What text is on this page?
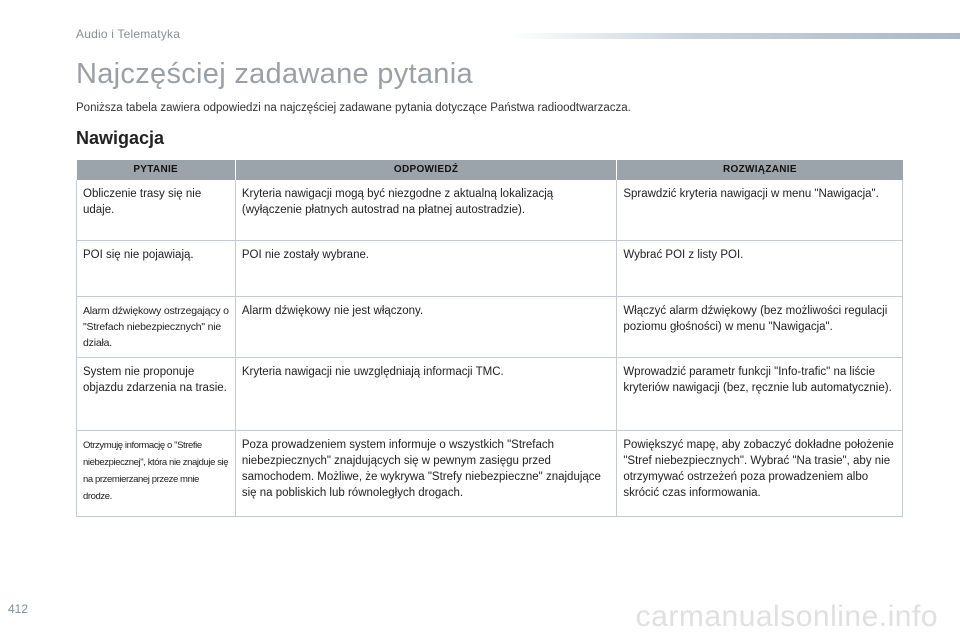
Audio i Telematyka
Najczęściej zadawane pytania
Poniższa tabela zawiera odpowiedzi na najczęściej zadawane pytania dotyczące Państwa radioodtwarzacza.
Nawigacja
PYTANIE	ODPOWIEDŹ	ROZWIĄZANIE
Obliczenie trasy się nie udaje.	Kryteria nawigacji mogą być niezgodne z aktualną lokalizacją (wyłączenie płatnych autostrad na płatnej autostradzie).	Sprawdzić kryteria nawigacji w menu "Nawigacja".
POI się nie pojawiają.	POI nie zostały wybrane.	Wybrać POI z listy POI.
Alarm dźwiękowy ostrzegający o "Strefach niebezpiecznych" nie działa.	Alarm dźwiękowy nie jest włączony.	Włączyć alarm dźwiękowy (bez możliwości regulacji poziomu głośności) w menu "Nawigacja".
System nie proponuje objazdu zdarzenia na trasie.	Kryteria nawigacji nie uwzględniają informacji TMC.	Wprowadzić parametr funkcji "Info-trafic" na liście kryteriów nawigacji (bez, ręcznie lub automatycznie).
Otrzymuję informację o "Strefie niebezpiecznej", która nie znajduje się na przemierzanej przeze mnie drodze.	Poza prowadzeniem system informuje o wszystkich "Strefach niebezpiecznych" znajdujących się w pewnym zasięgu przed samochodem. Możliwe, że wykrywa "Strefy niebezpieczne" znajdujące się na pobliskich lub równoległych drogach.	Powiększyć mapę, aby zobaczyć dokładne położenie "Stref niebezpiecznych". Wybrać "Na trasie", aby nie otrzymywać ostrzeżeń poza prowadzeniem albo skrócić czas informowania.
412	carmanualsonline.info
